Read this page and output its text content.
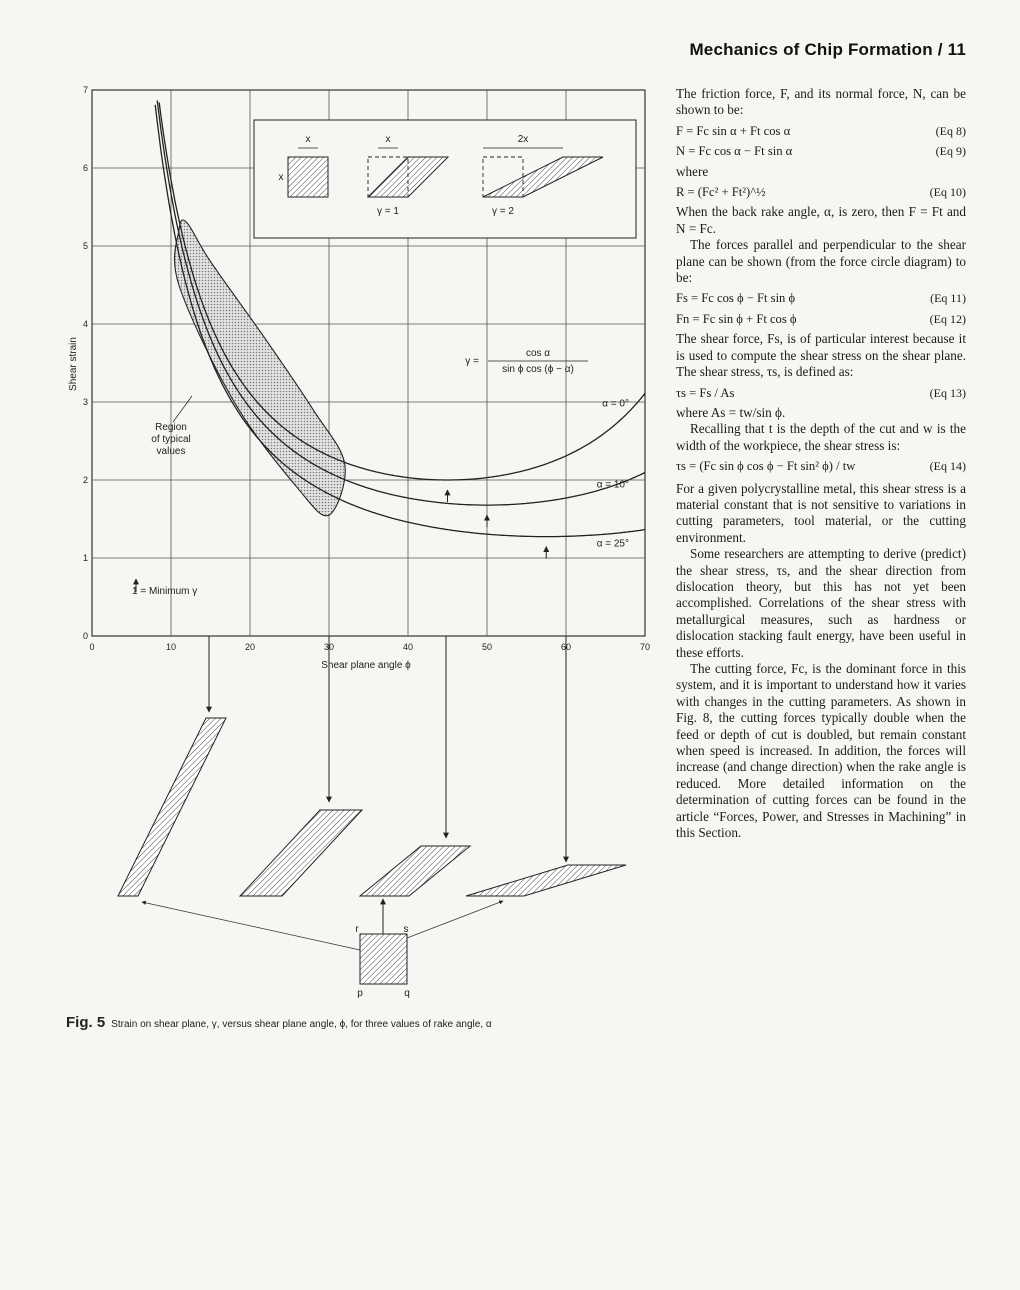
Mechanics of Chip Formation / 11
0	10	20	30	40	50	60	70
0
1
2
3
4
5
6
7
α = 0°
α = 10°
α = 25°
x	x	2x
x
γ = 1	γ = 2
γ =
cos α
sin ϕ cos (ϕ − α)
Region
of typical
values
1 = Minimum γ
Shear plane angle ϕ
Shear strain
r	s
p	q
Fig. 5 Strain on shear plane, γ, versus shear plane angle, ϕ, for three values of rake angle, α

The friction force, F, and its normal force, N, can be shown to be:

F = Fc sin α + Ft cos α	(Eq 8)
N = Fc cos α − Ft sin α	(Eq 9)

where

R = (Fc² + Ft²)^½	(Eq 10)

When the back rake angle, α, is zero, then F = Ft and N = Fc.

The forces parallel and perpendicular to the shear plane can be shown (from the force circle diagram) to be:

Fs = Fc cos ϕ − Ft sin ϕ	(Eq 11)
Fn = Fc sin ϕ + Ft cos ϕ	(Eq 12)

The shear force, Fs, is of particular interest because it is used to compute the shear stress on the shear plane. The shear stress, τs, is defined as:

τs = Fs / As	(Eq 13)

where As = tw/sin ϕ.

Recalling that t is the depth of the cut and w is the width of the workpiece, the shear stress is:

τs = (Fc sin ϕ cos ϕ − Ft sin² ϕ) / tw	(Eq 14)

For a given polycrystalline metal, this shear stress is a material constant that is not sensitive to variations in cutting parameters, tool material, or the cutting environment.

Some researchers are attempting to derive (predict) the shear stress, τs, and the shear direction from dislocation theory, but this has not yet been accomplished. Correlations of the shear stress with metallurgical measures, such as hardness or dislocation stacking fault energy, have been useful in these efforts.

The cutting force, Fc, is the dominant force in this system, and it is important to understand how it varies with changes in the cutting parameters. As shown in Fig. 8, the cutting forces typically double when the feed or depth of cut is doubled, but remain constant when speed is increased. In addition, the forces will increase (and change direction) when the rake angle is reduced. More detailed information on the determination of cutting forces can be found in the article “Forces, Power, and Stresses in Machining” in this Section.
